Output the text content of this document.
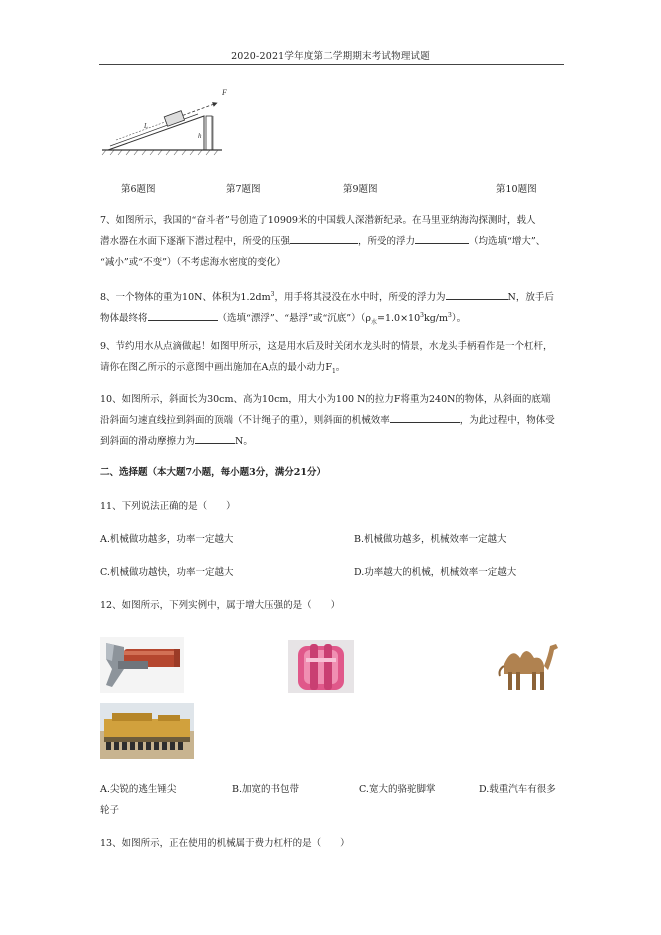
2020-2021学年度第二学期期末考试物理试题
F
L
h
第6题图	第7题图	第9题图	第10题图
7、如图所示，我国的“奋斗者”号创造了10909米的中国载人深潜新纪录。在马里亚纳海沟探测时，载人
潜水器在水面下逐渐下潜过程中，所受的压强	，所受的浮力	（均选填“增大”、
“减小”或“不变”）（不考虑海水密度的变化）
8、一个物体的重为10N、体积为$1.2dm^3$，用手将其浸没在水中时，所受的浮力为	N，放手后
物体最终将	（选填“漂浮”、“悬浮”或“沉底$”)(\rho_水=1.0\times 10^3kg/m^3)$。
9、节约用水从点滴做起！如图甲所示，这是用水后及时关闭水龙头时的情景，水龙头手柄看作是一个杠杆，
请你在图乙所示的示意图中画出施加在A点的最小动力$F_1$。
10、如图所示，斜面长为30cm、高为10cm，用大小为100 N的拉力F将重为240N的物体，从斜面的底端
沿斜面匀速直线拉到斜面的顶端（不计绳子的重），则斜面的机械效率	，为此过程中，物体受
到斜面的滑动摩擦力为	N。
二、选择题（本大题7小题，每小题3分，满分21分）
11、下列说法正确的是（　　）
A.机械做功越多，功率一定越大	B.机械做功越多，机械效率一定越大
C.机械做功越快，功率一定越大	D.功率越大的机械，机械效率一定越大
12、如图所示，下列实例中，属于增大压强的是（　　）
A.尖锐的逃生锤尖	B.加宽的书包带	C.宽大的骆驼脚掌	D.载重汽车有很多
轮子
13、如图所示，正在使用的机械属于费力杠杆的是（　　）
